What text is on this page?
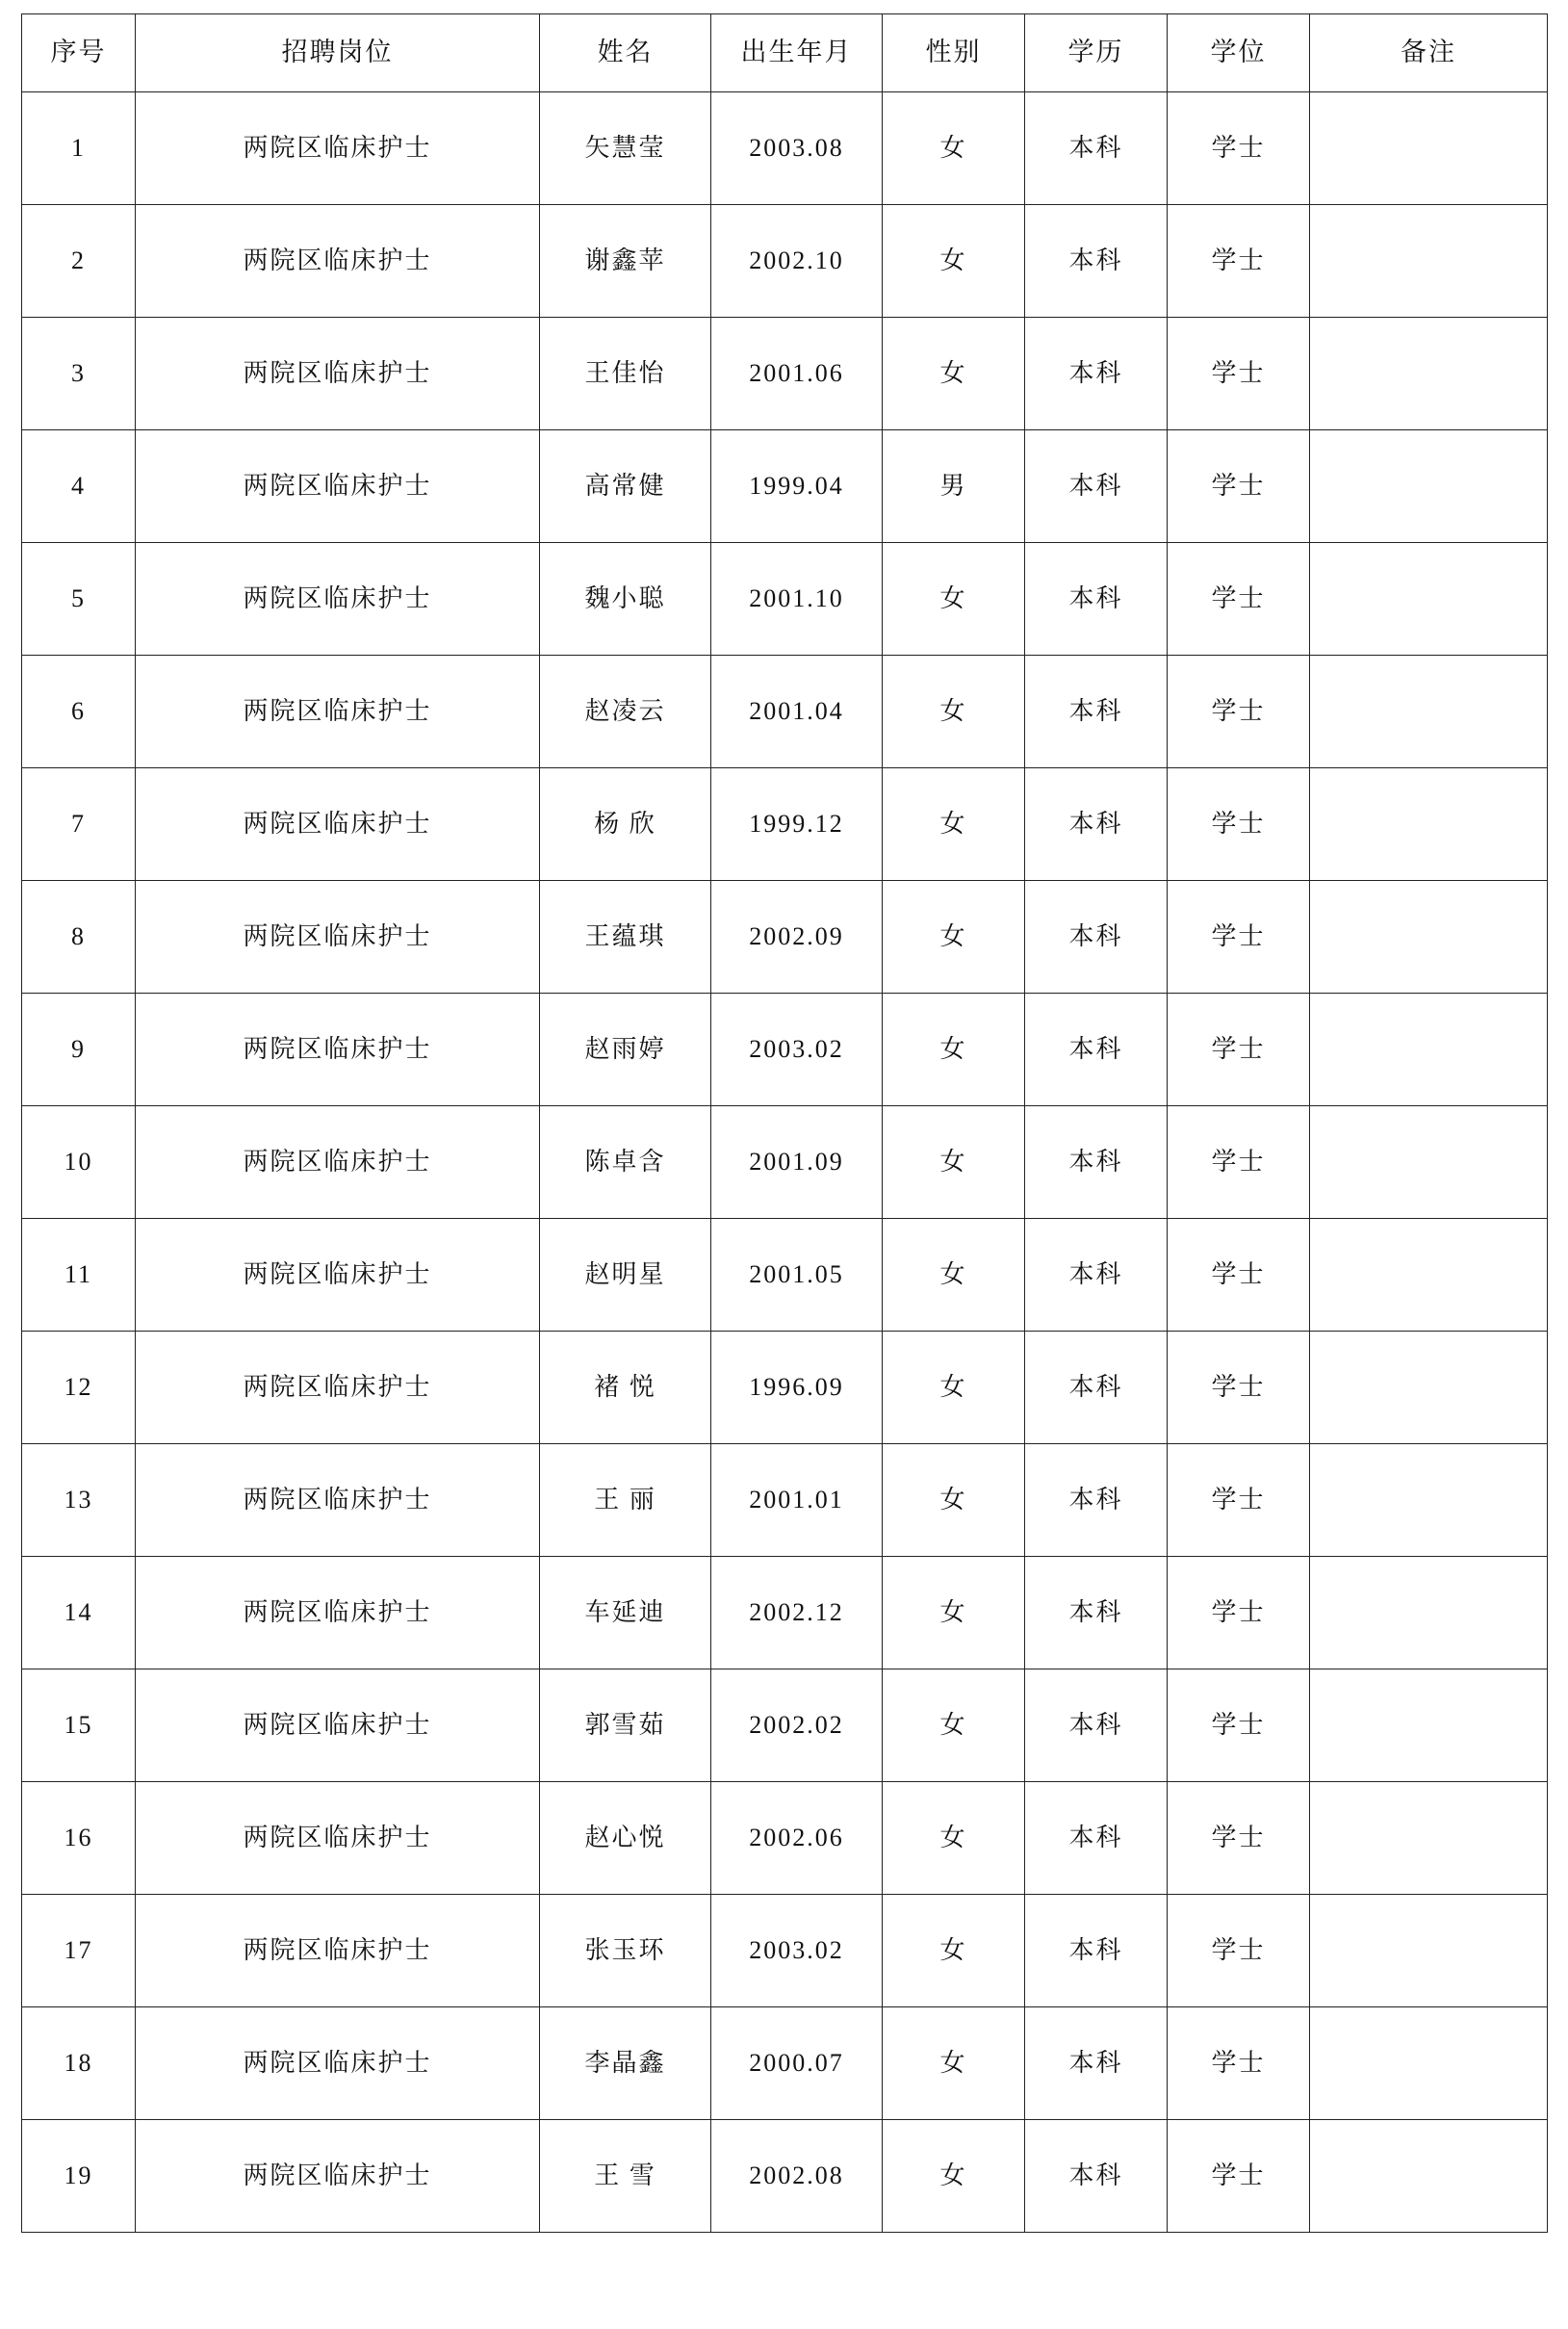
序号	招聘岗位	姓名	出生年月	性别	学历	学位	备注
1	两院区临床护士	矢慧莹	2003.08	女	本科	学士	
2	两院区临床护士	谢鑫苹	2002.10	女	本科	学士	
3	两院区临床护士	王佳怡	2001.06	女	本科	学士	
4	两院区临床护士	高常健	1999.04	男	本科	学士	
5	两院区临床护士	魏小聪	2001.10	女	本科	学士	
6	两院区临床护士	赵凌云	2001.04	女	本科	学士	
7	两院区临床护士	杨 欣	1999.12	女	本科	学士	
8	两院区临床护士	王蕴琪	2002.09	女	本科	学士	
9	两院区临床护士	赵雨婷	2003.02	女	本科	学士	
10	两院区临床护士	陈卓含	2001.09	女	本科	学士	
11	两院区临床护士	赵明星	2001.05	女	本科	学士	
12	两院区临床护士	褚 悦	1996.09	女	本科	学士	
13	两院区临床护士	王 丽	2001.01	女	本科	学士	
14	两院区临床护士	车延迪	2002.12	女	本科	学士	
15	两院区临床护士	郭雪茹	2002.02	女	本科	学士	
16	两院区临床护士	赵心悦	2002.06	女	本科	学士	
17	两院区临床护士	张玉环	2003.02	女	本科	学士	
18	两院区临床护士	李晶鑫	2000.07	女	本科	学士	
19	两院区临床护士	王 雪	2002.08	女	本科	学士	
